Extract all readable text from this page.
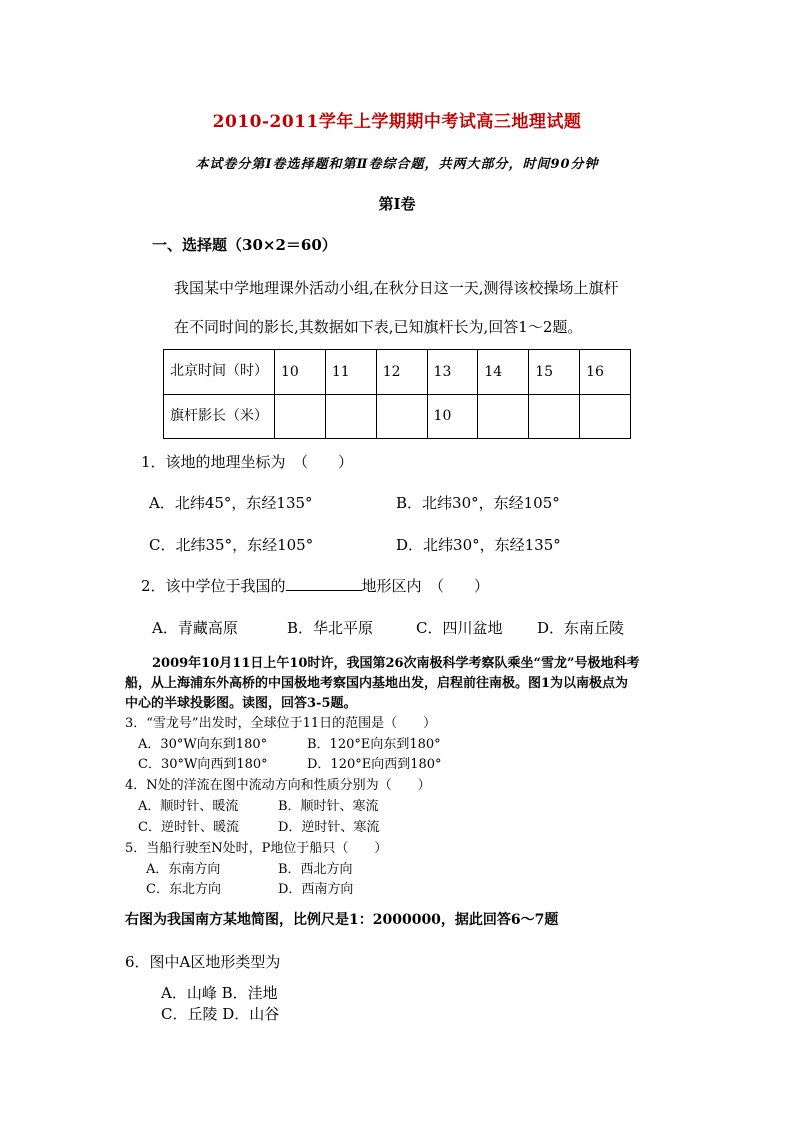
2010-2011学年上学期期中考试高三地理试题
本试卷分第Ⅰ卷选择题和第Ⅱ卷综合题，共两大部分，时间90分钟
第Ⅰ卷
一、选择题（30×2＝60）
我国某中学地理课外活动小组,在秋分日这一天,测得该校操场上旗杆
在不同时间的影长,其数据如下表,已知旗杆长为,回答1～2题。
北京时间（时）	10	11	12	13	14	15	16
旗杆影长（米）				10			
1．该地的地理坐标为　（　　）
A．北纬45°，东经135°	B．北纬30°，东经105°
C．北纬35°，东经105°	D．北纬30°，东经135°
2．该中学位于我国的	地形区内　（　　）
A．青藏高原	B．华北平原	C．四川盆地 D．东南丘陵
2009年10月11日上午10时许，我国第26次南极科学考察队乘坐“雪龙”号极地科考
船，从上海浦东外高桥的中国极地考察国内基地出发，启程前往南极。图1为以南极点为
中心的半球投影图。读图，回答3-5题。
3．“雪龙号”出发时，全球位于11日的范围是（　　）
A．30°W向东到180°	B．120°E向东到180°
C．30°W向西到180°	D．120°E向西到180°
4．N处的洋流在图中流动方向和性质分别为（　　）
A．顺时针、暖流	B．顺时针、寒流
C．逆时针、暖流	D．逆时针、寒流
5．当船行驶至N处时，P地位于船只（　　）
A．东南方向	B．西北方向
C．东北方向	D．西南方向
右图为我国南方某地简图，比例尺是1：2000000，据此回答6～7题
6．图中A区地形类型为
A．山峰 B．洼地
C．丘陵 D．山谷
